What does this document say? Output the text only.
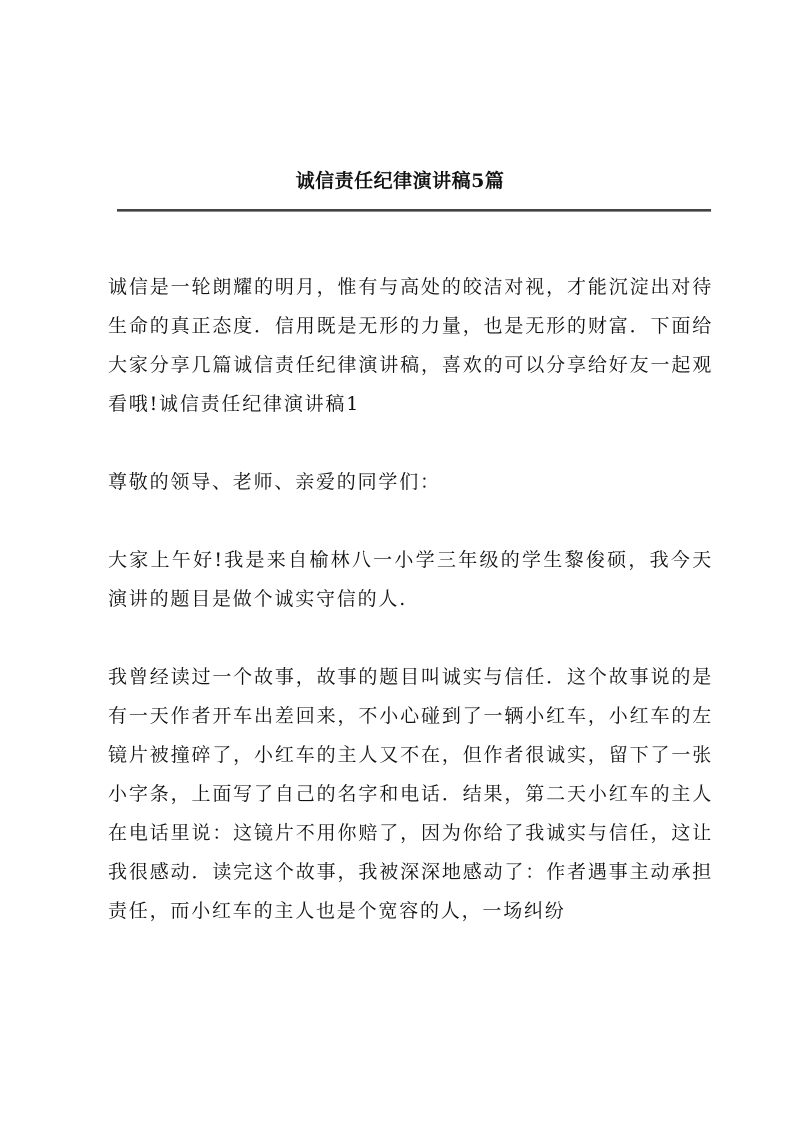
诚信责任纪律演讲稿5篇

诚信是一轮朗耀的明月，惟有与高处的皎洁对视，才能沉淀出对待生命的真正态度．信用既是无形的力量，也是无形的财富．下面给大家分享几篇诚信责任纪律演讲稿，喜欢的可以分享给好友一起观看哦!诚信责任纪律演讲稿1

尊敬的领导、老师、亲爱的同学们：

大家上午好!我是来自榆林八一小学三年级的学生黎俊硕，我今天演讲的题目是做个诚实守信的人.

我曾经读过一个故事，故事的题目叫诚实与信任．这个故事说的是有一天作者开车出差回来，不小心碰到了一辆小红车，小红车的左镜片被撞碎了，小红车的主人又不在，但作者很诚实，留下了一张小字条，上面写了自己的名字和电话．结果，第二天小红车的主人在电话里说：这镜片不用你赔了，因为你给了我诚实与信任，这让我很感动．读完这个故事，我被深深地感动了：作者遇事主动承担责任，而小红车的主人也是个宽容的人，一场纠纷
